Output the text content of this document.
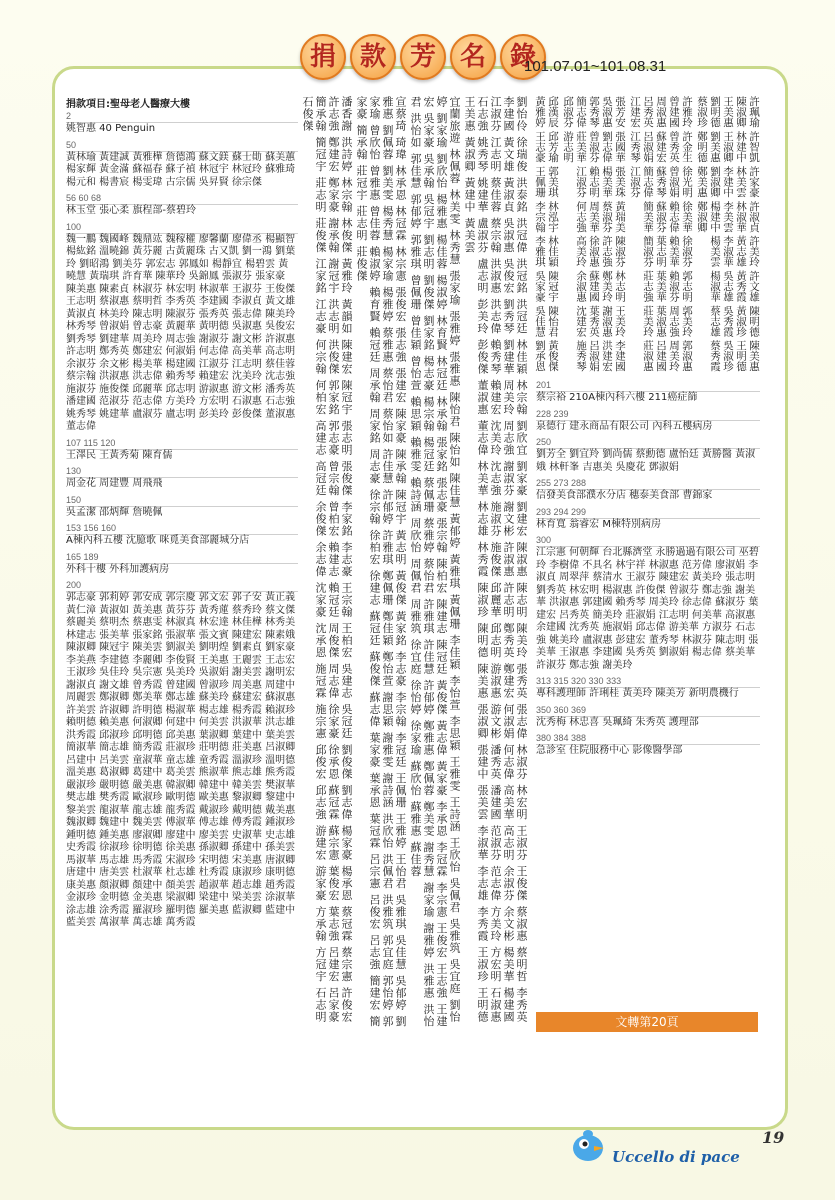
捐 款 芳 名 錄
101.07.01~101.08.31
捐款項目:聖母老人醫療大樓
2
姚智惠 40 Penguin
50
黃林瑜 黃建誠 黃雅樺 詹德鴻 蘇文鎂 蘇士勛 蘇美蕙 楊家輝 黃金滿 蘇福春 蘇子禎 林冠宇 林冠玲 蘇雅琦 楊元和 楊書宸 楊雯瑋 古宗儒 吳昇賢 徐宗傑
56 60 68
林玉堂 張心柔 旗程部-蔡碧玲
100
魏一鵬 魏國峰 魏鼎竑 魏稼權 廖馨蘭 廖偉丞 楊顯智 楊紘銘 溫曉錦 黃芬麗 古黃麗珠 古又凱 劉一鴻 劉葉玲 劉昭鴻 劉美芬 郭宏志 郭鳳如 楊靜宜 楊碧雲 黃曉慧 黃瑞琪 許育華 陳華玲 吳錦鳳 張淑芬 張家豪 陳美惠 陳素貞 林淑芬 林宏明 林淑華 王淑芬 王俊傑 王志明 蔡淑惠 蔡明哲 李秀英 李建國 李淑貞 黃文雄 黃淑貞 林美玲 陳志明 陳淑芬 張秀英 張志偉 陳美玲 林秀琴 曾淑娟 曾志豪 黃麗華 黃明德 吳淑惠 吳俊宏 劉秀琴 劉建華 周美玲 周志強 謝淑芬 謝文彬 許淑惠 許志明 鄭秀英 鄭建宏 何淑娟 何志偉 高美華 高志明 余淑芬 余文彬 楊美華 楊建國 江淑芬 江志明 蔡佳蓉 蔡宗翰 洪淑惠 洪志偉 賴秀琴 賴建宏 沈美玲 沈志強 施淑芬 施俊傑 邱麗華 邱志明 游淑惠 游文彬 潘秀英 潘建國 范淑芬 范志偉 方美玲 方宏明 石淑惠 石志強 姚秀琴 姚建華 盧淑芬 盧志明 彭美玲 彭俊傑 董淑惠 董志偉
107 115 120
王澤民 王黃秀菊 陳育儒
130
周金花 周建豐 周飛飛
150
吳孟潔 邵炳輝 詹曉佩
153 156 160
A棟內科五樓 沈臆歌 咪覓美食部麗城分店
165 189
外科十樓 外科加護病房
200
郭志豪 郭莉婷 郭安成 郭宗慶 郭文宏 郭子安 黃正義 黃仁漳 黃淑如 黃美惠 黃芬芬 黃秀蓮 蔡秀玲 蔡文傑 蔡麗美 蔡明杰 蔡惠雯 林淑真 林宏達 林佳樺 林秀美 林建志 張美華 張家銘 張淑華 張文賓 陳建宏 陳素娥 陳淑卿 陳冠宇 陳美雲 劉淑美 劉明煌 劉素貞 劉家豪 李美燕 李建德 李麗卿 李俊賢 王美惠 王麗雲 王志宏 王淑珍 吳佳玲 吳宗憲 吳美玲 吳淑娟 謝美雲 謝明宏 謝淑貞 謝文雄 曾秀霞 曾建國 曾淑珍 周美惠 周建中 周麗雲 鄭淑卿 鄭美華 鄭志雄 蘇美玲 蘇建宏 蘇淑惠 許美雲 許淑卿 許明德 楊淑華 楊志雄 楊秀霞 賴淑珍 賴明德 賴美惠 何淑卿 何建中 何美雲 洪淑華 洪志雄 洪秀霞 邱淑珍 邱明德 邱美惠 葉淑卿 葉建中 葉美雲 簡淑華 簡志雄 簡秀霞 莊淑珍 莊明德 莊美惠 呂淑卿 呂建中 呂美雲 童淑華 童志雄 童秀霞 溫淑珍 溫明德 溫美惠 葛淑卿 葛建中 葛美雲 熊淑華 熊志雄 熊秀霞 嚴淑珍 嚴明德 嚴美惠 韓淑卿 韓建中 韓美雲 樊淑華 樊志雄 樊秀霞 歐淑珍 歐明德 歐美惠 黎淑卿 黎建中 黎美雲 龍淑華 龍志雄 龍秀霞 戴淑珍 戴明德 戴美惠 魏淑卿 魏建中 魏美雲 傅淑華 傅志雄 傅秀霞 鍾淑珍 鍾明德 鍾美惠 廖淑卿 廖建中 廖美雲 史淑華 史志雄 史秀霞 徐淑珍 徐明德 徐美惠 孫淑卿 孫建中 孫美雲 馬淑華 馬志雄 馬秀霞 宋淑珍 宋明德 宋美惠 唐淑卿 唐建中 唐美雲 杜淑華 杜志雄 杜秀霞 康淑珍 康明德 康美惠 顏淑卿 顏建中 顏美雲 趙淑華 趙志雄 趙秀霞 金淑珍 金明德 金美惠 梁淑卿 梁建中 梁美雲 涂淑華 涂志雄 涂秀霞 羅淑珍 羅明德 羅美惠 藍淑卿 藍建中 藍美雲 萬淑華 萬志雄 萬秀霞	劉怡伶 徐瑞俊 洪泰銘 洪冠偉 洪冠銘 洪冠廷 林佳穎 林宗翰 劉欣宜 劉家豪 劉建宏 陳淑惠 陳志明 陳美玲 張秀英 張志偉 林淑芬 林宏明 王淑芬 王俊傑 蔡淑惠 蔡明哲 李秀英 李建國 黃文雄 黃淑貞 吳淑惠 吳俊宏 劉秀琴 劉建華 周美玲 周志強 謝淑芬 謝文彬 許淑惠 許志明 鄭秀英 鄭建宏 何淑娟 何志偉 高美華 高志明 余淑芬 余文彬 楊美華 楊建國 江淑芬 江志明 蔡佳蓉 蔡宗翰 洪淑惠 洪志偉 賴秀琴 賴建宏 沈美玲 沈志強 施淑芬 施俊傑 邱麗華 邱志明 游淑惠 游文彬 潘秀英 潘建國 范淑芬 范志偉 方美玲 方宏明 石淑惠 石志強 姚秀琴 姚建華 盧淑芬 盧志明 彭美玲 彭俊傑 董淑惠 董志偉 林美華 林志雄 林秀霞 陳淑珍 陳明德 陳美惠 張淑卿 張建中 張美雲 李淑華 李志雄 李秀霞 王淑珍 王明德 王美惠 黃淑卿 黃建中 黃美雲
宜蘭旅遊 林佩蓉 林美雯 林秀慧 張家瑜 張雅婷 張雅惠 陳怡君 陳怡如 陳佳慧 黃郁婷 黃雅琪 黃佩珊 李佳穎 李怡萱 李思穎 王雅雯 王詩涵 王欣怡 吳佩君 吳雅筑 吳宜庭 劉怡婷 劉家瑜 劉欣怡 楊雅惠 楊佳蓉 楊淑婷 林育賢 林冠廷 林承翰 張家銘 張志豪 張宗翰 陳柏宏 陳建志 陳冠廷 黃俊傑 黃志偉 黃家豪 李承恩 李冠霖 李宗憲 王俊宏 王志強 王建宏 吳家豪 吳承翰 吳冠宇 劉志明 劉俊傑 劉家銘 楊志豪 楊宗翰 楊冠廷 蔡佩珊 蔡雅婷 蔡怡君 許雅琪 許佳慧 許郁婷 鄭雅惠 鄭佩蓉 鄭美雯 謝秀慧 謝家瑜 謝雅婷 洪雅惠 洪怡君 洪怡如 郭佳慧 郭郁婷 郭雅琪 曾佩珊 曾佳穎 曾怡萱 賴思穎 賴雅雯 賴詩涵 周欣怡 周佩君 周雅筑 徐宜庭 徐怡婷 徐家瑜 蘇欣怡 蘇雅惠 蘇佳蓉
宣蔡琦 琦瑋 林承恩 林冠霖 林宗憲 張俊宏 張志強 張建宏 陳家豪 陳承翰 陳冠宇 黃志明 黃俊傑 黃家銘 李志豪 李宗翰 李冠廷 王佩珊 王雅婷 王怡君 吳雅琪 吳佳慧 吳郁婷 劉雅惠 劉佩蓉 劉美雯 楊秀慧 楊家瑜 楊雅婷 蔡雅惠 蔡怡君 蔡怡如 許佳慧 許郁婷 許雅琪 鄭佩珊 鄭佳穎 鄭怡萱 謝思穎 謝雅雯 謝詩涵 洪欣怡 洪佩君 洪雅筑 郭宜庭 郭怡婷 郭家瑜 曾欣怡 曾雅惠 曾佳蓉 賴淑婷 賴育賢 賴冠廷 周承翰 周家銘 周志豪 徐宗翰 徐柏宏 徐建志 蘇冠廷 蘇俊傑 蘇志偉 葉家豪 葉承恩 葉冠霖 呂宗憲 呂俊宏 呂志強 簡建宏 簡家豪 簡承翰 莊冠宇 莊志明 莊俊傑
潘香謝 洪詩婷 林宗翰 林俊傑 黃雅玲 黃韻如 陳建宏 陳冠宇 張志明 張俊傑 李家銘 李志豪 王宗翰 王柏宏 吳建志 吳冠廷 劉俊傑 劉志偉 楊家豪 楊承恩 蔡冠霖 蔡宗憲 許俊宏 許志強 鄭建宏 鄭家豪 謝承翰 謝冠宇 洪志明 洪俊傑 郭家銘 郭志豪 曾宗翰 曾柏宏 賴建志 賴冠廷 周俊傑 周志偉 徐家豪 徐承恩 蘇冠霖 蘇宗憲 葉俊宏 葉志強 呂建宏 呂家豪 簡承翰 簡冠宇 莊志明 莊俊傑 江家銘 江志豪 何宗翰 何柏宏 高建志 高冠廷 余俊傑 余志偉 沈家豪 沈承恩 施冠霖 施宗憲 邱俊宏 邱志強 游建宏 游家豪 方承翰 方冠宇 石志明 石俊傑	許珮瑜 許智凱 許家豪 許淑貞 許美玲 許文雄 陳明德 陳美惠 陳淑卿 林建中 林美雲 林淑華 黃志雄 黃秀霞 黃淑珍 王明德 王美惠 王淑卿 李建中 李美雲 李淑華 吳志雄 吳秀霞 吳淑珍 劉明德 劉美惠 劉淑卿 楊建中 楊美雲 楊淑華 蔡志雄 蔡秀霞 蔡淑珍 鄭明德 鄭美惠 鄭淑卿
許雅玲 許金生 徐光明 徐美華 徐淑芬 郭志明 郭美玲 郭淑惠 曾建國 曾秀英 曾淑娟 賴志偉 賴美華 賴淑芬 周志強 周美玲 周淑惠 蘇建宏 蘇秀琴 蘇淑芬 葉志明 葉美華 葉淑惠 呂建國 呂秀英 呂淑娟 簡志偉 簡美華 簡淑芬 莊志強 莊美玲 莊淑惠 江建宏 江秀琴 江淑芬
張芳安 張國華 張美珠 黃瑞美 陳淑芬 林志明 王美玲 李建國 吳淑惠 劉志偉 楊美華 蔡淑芬 許志強 鄭美玲 謝淑惠 洪建宏 郭秀琴 曾淑芬 賴志明 周美華 徐淑惠 蘇建國 葉秀英 呂淑娟 簡志偉 莊美華 江淑芬 何志強 高美玲 余淑惠 沈建宏 施秀琴 邱淑芬 游志明
邱漢辰 邱芳瑜 郭美琪 林泓宇 林佳穎 陳冠宇 陳怡君 黃俊傑 黃雅婷 王志豪 王佩珊 李宗翰 李雅琪 吳家豪 吳佳慧 劉承恩
201
蔡宗裕 210A棟內科六樓 211癌症篩
228 239
泉德行 建永商品有限公司 內科五樓病房
250
劉芳全 劉宜羚 劉尚儒 蔡勳德 盧怡廷 黃勝醫 黃淑娥 林軒峯 吉惠美 吳慶花 鄧淑娟
255 273 288
信發美食部濮水分店 穗泰美食部 曹錦家
293 294 299
林育寬 翁睿宏 M棟特別病房
300
江宗憲 何朝輝 台北縣濟堂 永勝過過有限公司 巫碧玲 李樹偉 不具名 林宇祥 林淑惠 范芳偉 廖淑娟 李淑貞 周翠萍 蔡清水 王淑芬 陳建宏 黃美玲 張志明 劉秀英 林宏明 楊淑惠 許俊傑 曾淑芬 鄭志強 謝美華 洪淑惠 郭建國 賴秀琴 周美玲 徐志偉 蘇淑芬 葉建宏 呂秀英 簡美玲 莊淑娟 江志明 何美華 高淑惠 余建國 沈秀英 施淑娟 邱志偉 游美華 方淑芬 石志強 姚美玲 盧淑惠 彭建宏 董秀琴 林淑芬 陳志明 張美華 王淑惠 李建國 吳秀英 劉淑娟 楊志偉 蔡美華 許淑芬 鄭志強 謝美玲
313 315 320 330 333
專科護理師 許琍桂 黃美玲 陳美芳 新明農機行
350 360 369
沈秀梅 林忠喜 吳珮綺 朱秀英 護理部
380 384 388
急診室 住院服務中心 影像醫學部
文轉第20頁
Uccello di pace
19
